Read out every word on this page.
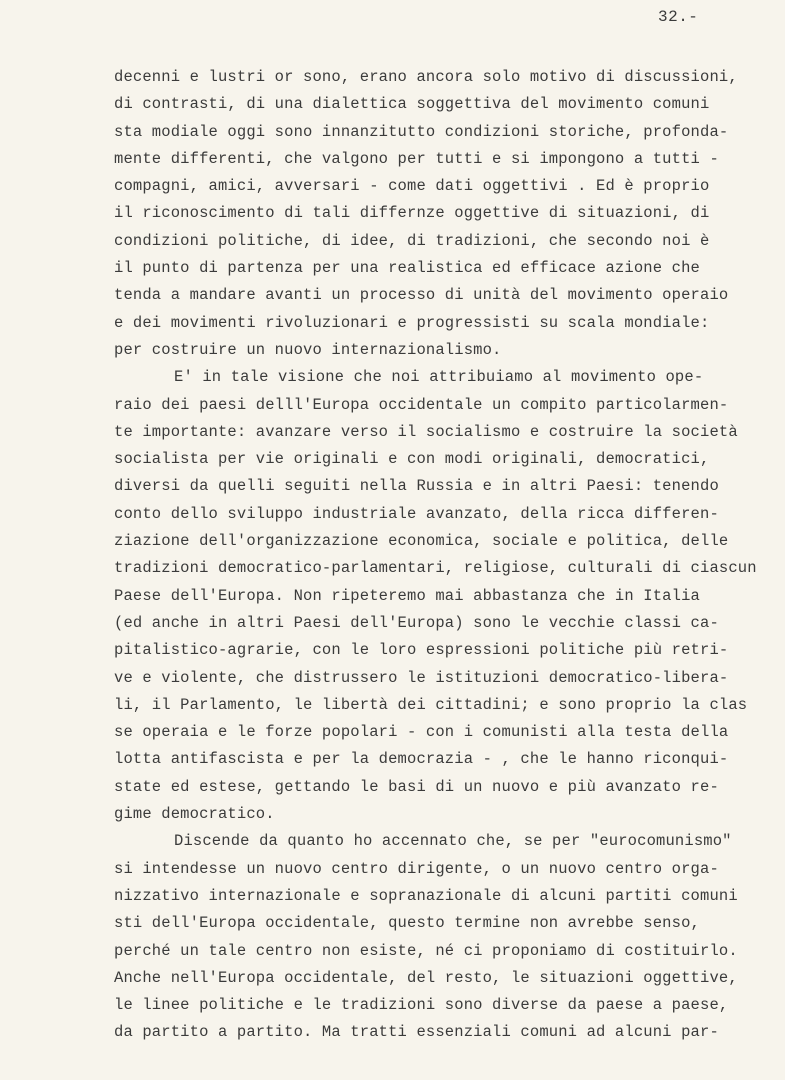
32.-
decenni e lustri or sono, erano ancora solo motivo di discussioni,
di contrasti, di una dialettica soggettiva del movimento comuni
sta modiale oggi sono innanzitutto condizioni storiche, profonda-
mente differenti, che valgono per tutti e si impongono a tutti -
compagni, amici, avversari - come dati oggettivi . Ed è proprio
il riconoscimento di tali differnze oggettive di situazioni, di
condizioni politiche, di idee, di tradizioni, che secondo noi è
il punto di partenza per una realistica ed efficace azione che
tenda a mandare avanti un processo di unità del movimento operaio
e dei movimenti rivoluzionari e progressisti su scala mondiale:
per costruire un nuovo internazionalismo.
E' in tale visione che noi attribuiamo al movimento ope-
raio dei paesi delll'Europa occidentale un compito particolarmen-
te importante: avanzare verso il socialismo e costruire la società
socialista per vie originali e con modi originali, democratici,
diversi da quelli seguiti nella Russia e in altri Paesi: tenendo
conto dello sviluppo industriale avanzato, della ricca differen-
ziazione dell'organizzazione economica, sociale e politica, delle
tradizioni democratico-parlamentari, religiose, culturali di ciascun
Paese dell'Europa. Non ripeteremo mai abbastanza che in Italia
(ed anche in altri Paesi dell'Europa) sono le vecchie classi ca-
pitalistico-agrarie, con le loro espressioni politiche più retri-
ve e violente, che distrussero le istituzioni democratico-libera-
li, il Parlamento, le libertà dei cittadini; e sono proprio la clas
se operaia e le forze popolari - con i comunisti alla testa della
lotta antifascista e per la democrazia - , che le hanno riconqui-
state ed estese, gettando le basi di un nuovo e più avanzato re-
gime democratico.
Discende da quanto ho accennato che, se per "eurocomunismo"
si intendesse un nuovo centro dirigente, o un nuovo centro orga-
nizzativo internazionale e sopranazionale di alcuni partiti comuni
sti dell'Europa occidentale, questo termine non avrebbe senso,
perché un tale centro non esiste, né ci proponiamo di costituirlo.
Anche nell'Europa occidentale, del resto, le situazioni oggettive,
le linee politiche e le tradizioni sono diverse da paese a paese,
da partito a partito. Ma tratti essenziali comuni ad alcuni par-
